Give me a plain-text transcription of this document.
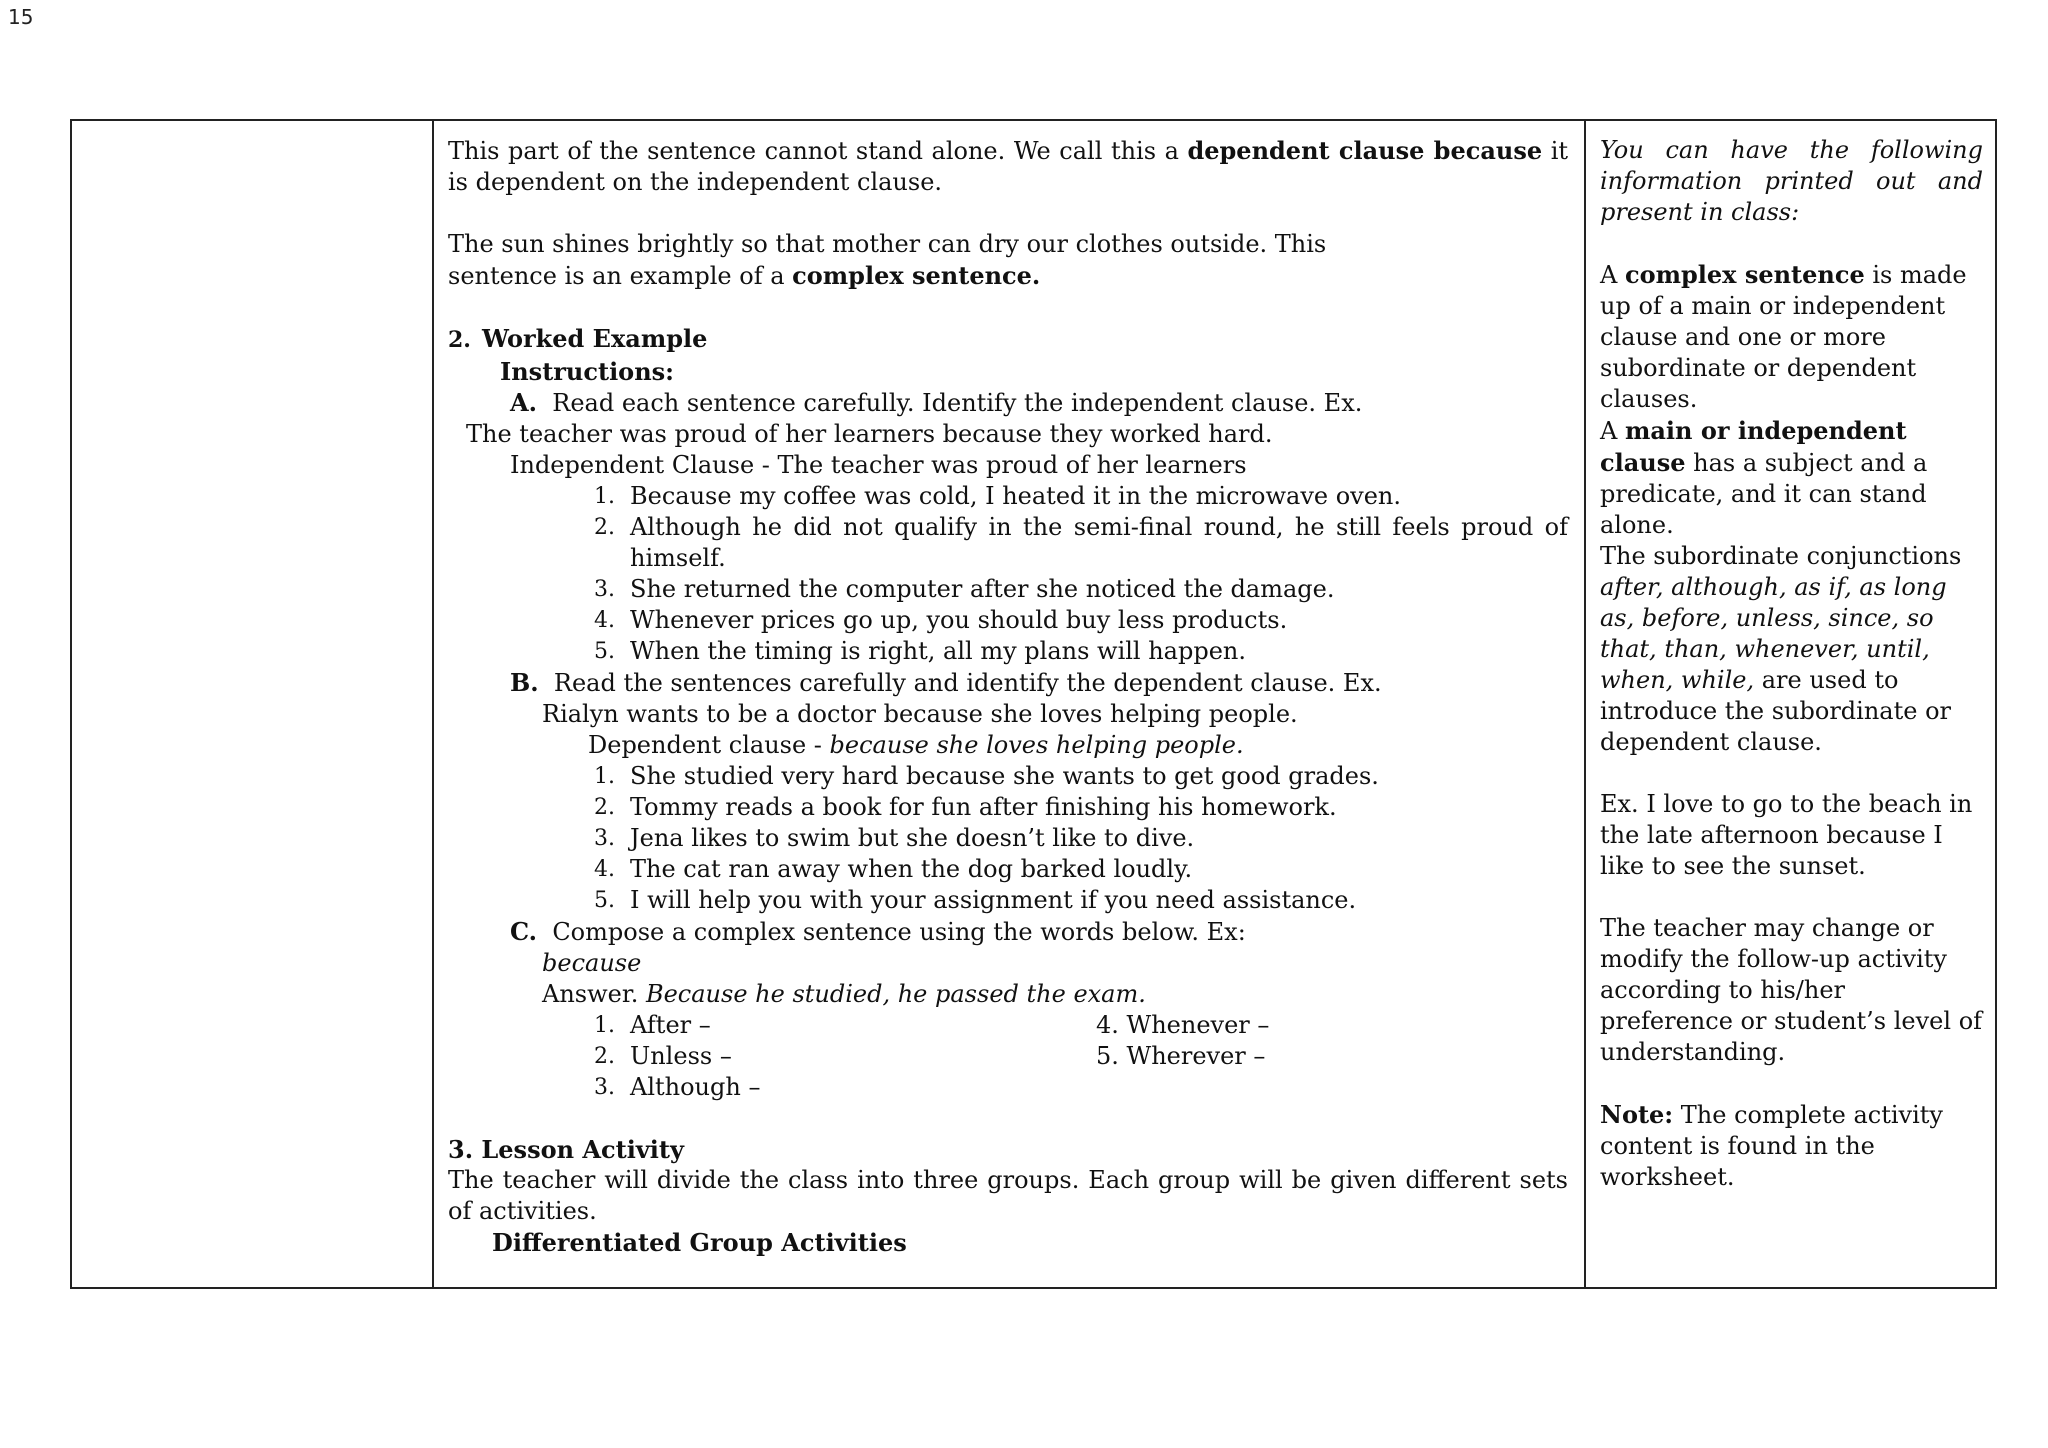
15
This part of the sentence cannot stand alone. We call this a dependent clause because it is dependent on the independent clause.
The sun shines brightly so that mother can dry our clothes outside. This
sentence is an example of a complex sentence.
2. Worked Example
Instructions:
A. Read each sentence carefully. Identify the independent clause. Ex.
The teacher was proud of her learners because they worked hard.
Independent Clause - The teacher was proud of her learners
1. Because my coffee was cold, I heated it in the microwave oven.
2. Although he did not qualify in the semi-final round, he still feels proud of himself.
3. She returned the computer after she noticed the damage.
4. Whenever prices go up, you should buy less products.
5. When the timing is right, all my plans will happen.
B. Read the sentences carefully and identify the dependent clause. Ex.
Rialyn wants to be a doctor because she loves helping people.
Dependent clause - because she loves helping people.
1. She studied very hard because she wants to get good grades.
2. Tommy reads a book for fun after finishing his homework.
3. Jena likes to swim but she doesn’t like to dive.
4. The cat ran away when the dog barked loudly.
5. I will help you with your assignment if you need assistance.
C. Compose a complex sentence using the words below. Ex:
because
Answer. Because he studied, he passed the exam.
1. After –
2. Unless –
3. Although –
4. Whenever –
5. Wherever –
3. Lesson Activity
The teacher will divide the class into three groups. Each group will be given different sets of activities.
Differentiated Group Activities
You can have the following information printed out and present in class:
A complex sentence is made up of a main or independent clause and one or more subordinate or dependent clauses.
A main or independent clause has a subject and a predicate, and it can stand alone.
The subordinate conjunctions after, although, as if, as long as, before, unless, since, so that, than, whenever, until, when, while, are used to introduce the subordinate or dependent clause.
Ex. I love to go to the beach in the late afternoon because I like to see the sunset.
The teacher may change or modify the follow-up activity according to his/her preference or student’s level of understanding.
Note: The complete activity content is found in the worksheet.
